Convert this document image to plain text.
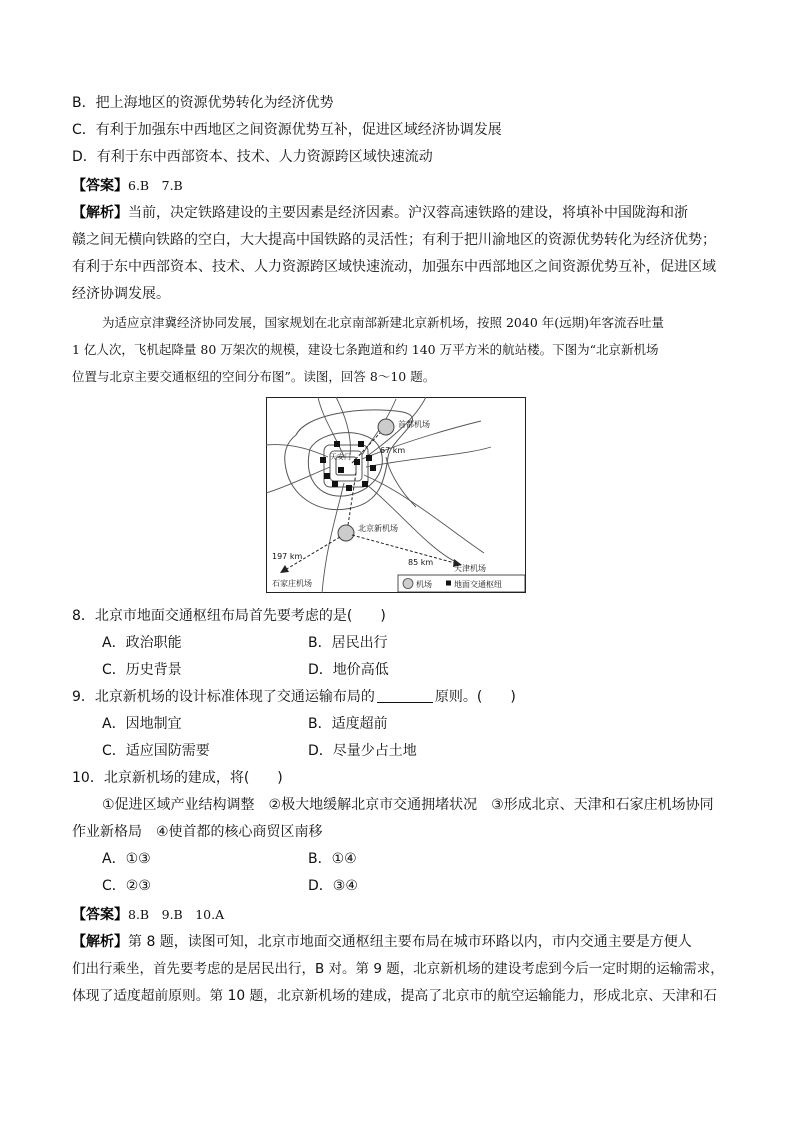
B．把上海地区的资源优势转化为经济优势
C．有利于加强东中西地区之间资源优势互补，促进区域经济协调发展
D．有利于东中西部资本、技术、人力资源跨区域快速流动
【答案】6.B　7.B
【解析】当前，决定铁路建设的主要因素是经济因素。沪汉蓉高速铁路的建设，将填补中国陇海和浙
赣之间无横向铁路的空白，大大提高中国铁路的灵活性；有利于把川渝地区的资源优势转化为经济优势；
有利于东中西部资本、技术、人力资源跨区域快速流动，加强东中西部地区之间资源优势互补，促进区域
经济协调发展。
为适应京津冀经济协同发展，国家规划在北京南部新建北京新机场，按照 2040 年(远期)年客流吞吐量
1 亿人次，飞机起降量 80 万架次的规模，建设七条跑道和约 140 万平方米的航站楼。下图为“北京新机场
位置与北京主要交通枢纽的空间分布图”。读图，回答 8～10 题。
天安门
首都机场
67 km
北京新机场
85 km
天津机场
197 km
石家庄机场	机场	地面交通枢纽
8．北京市地面交通枢纽布局首先要考虑的是(　　)
A．政治职能	B．居民出行
C．历史背景	D．地价高低
9．北京新机场的设计标准体现了交通运输布局的	原则。(　　)
A．因地制宜	B．适度超前
C．适应国防需要	D．尽量少占土地
10．北京新机场的建成，将(　　)
①促进区域产业结构调整　②极大地缓解北京市交通拥堵状况　③形成北京、天津和石家庄机场协同
作业新格局　④使首都的核心商贸区南移
A．①③	B．①④
C．②③	D．③④
【答案】8.B　9.B　10.A
【解析】第 8 题，读图可知，北京市地面交通枢纽主要布局在城市环路以内，市内交通主要是方便人
们出行乘坐，首先要考虑的是居民出行，B 对。第 9 题，北京新机场的建设考虑到今后一定时期的运输需求，
体现了适度超前原则。第 10 题，北京新机场的建成，提高了北京市的航空运输能力，形成北京、天津和石
